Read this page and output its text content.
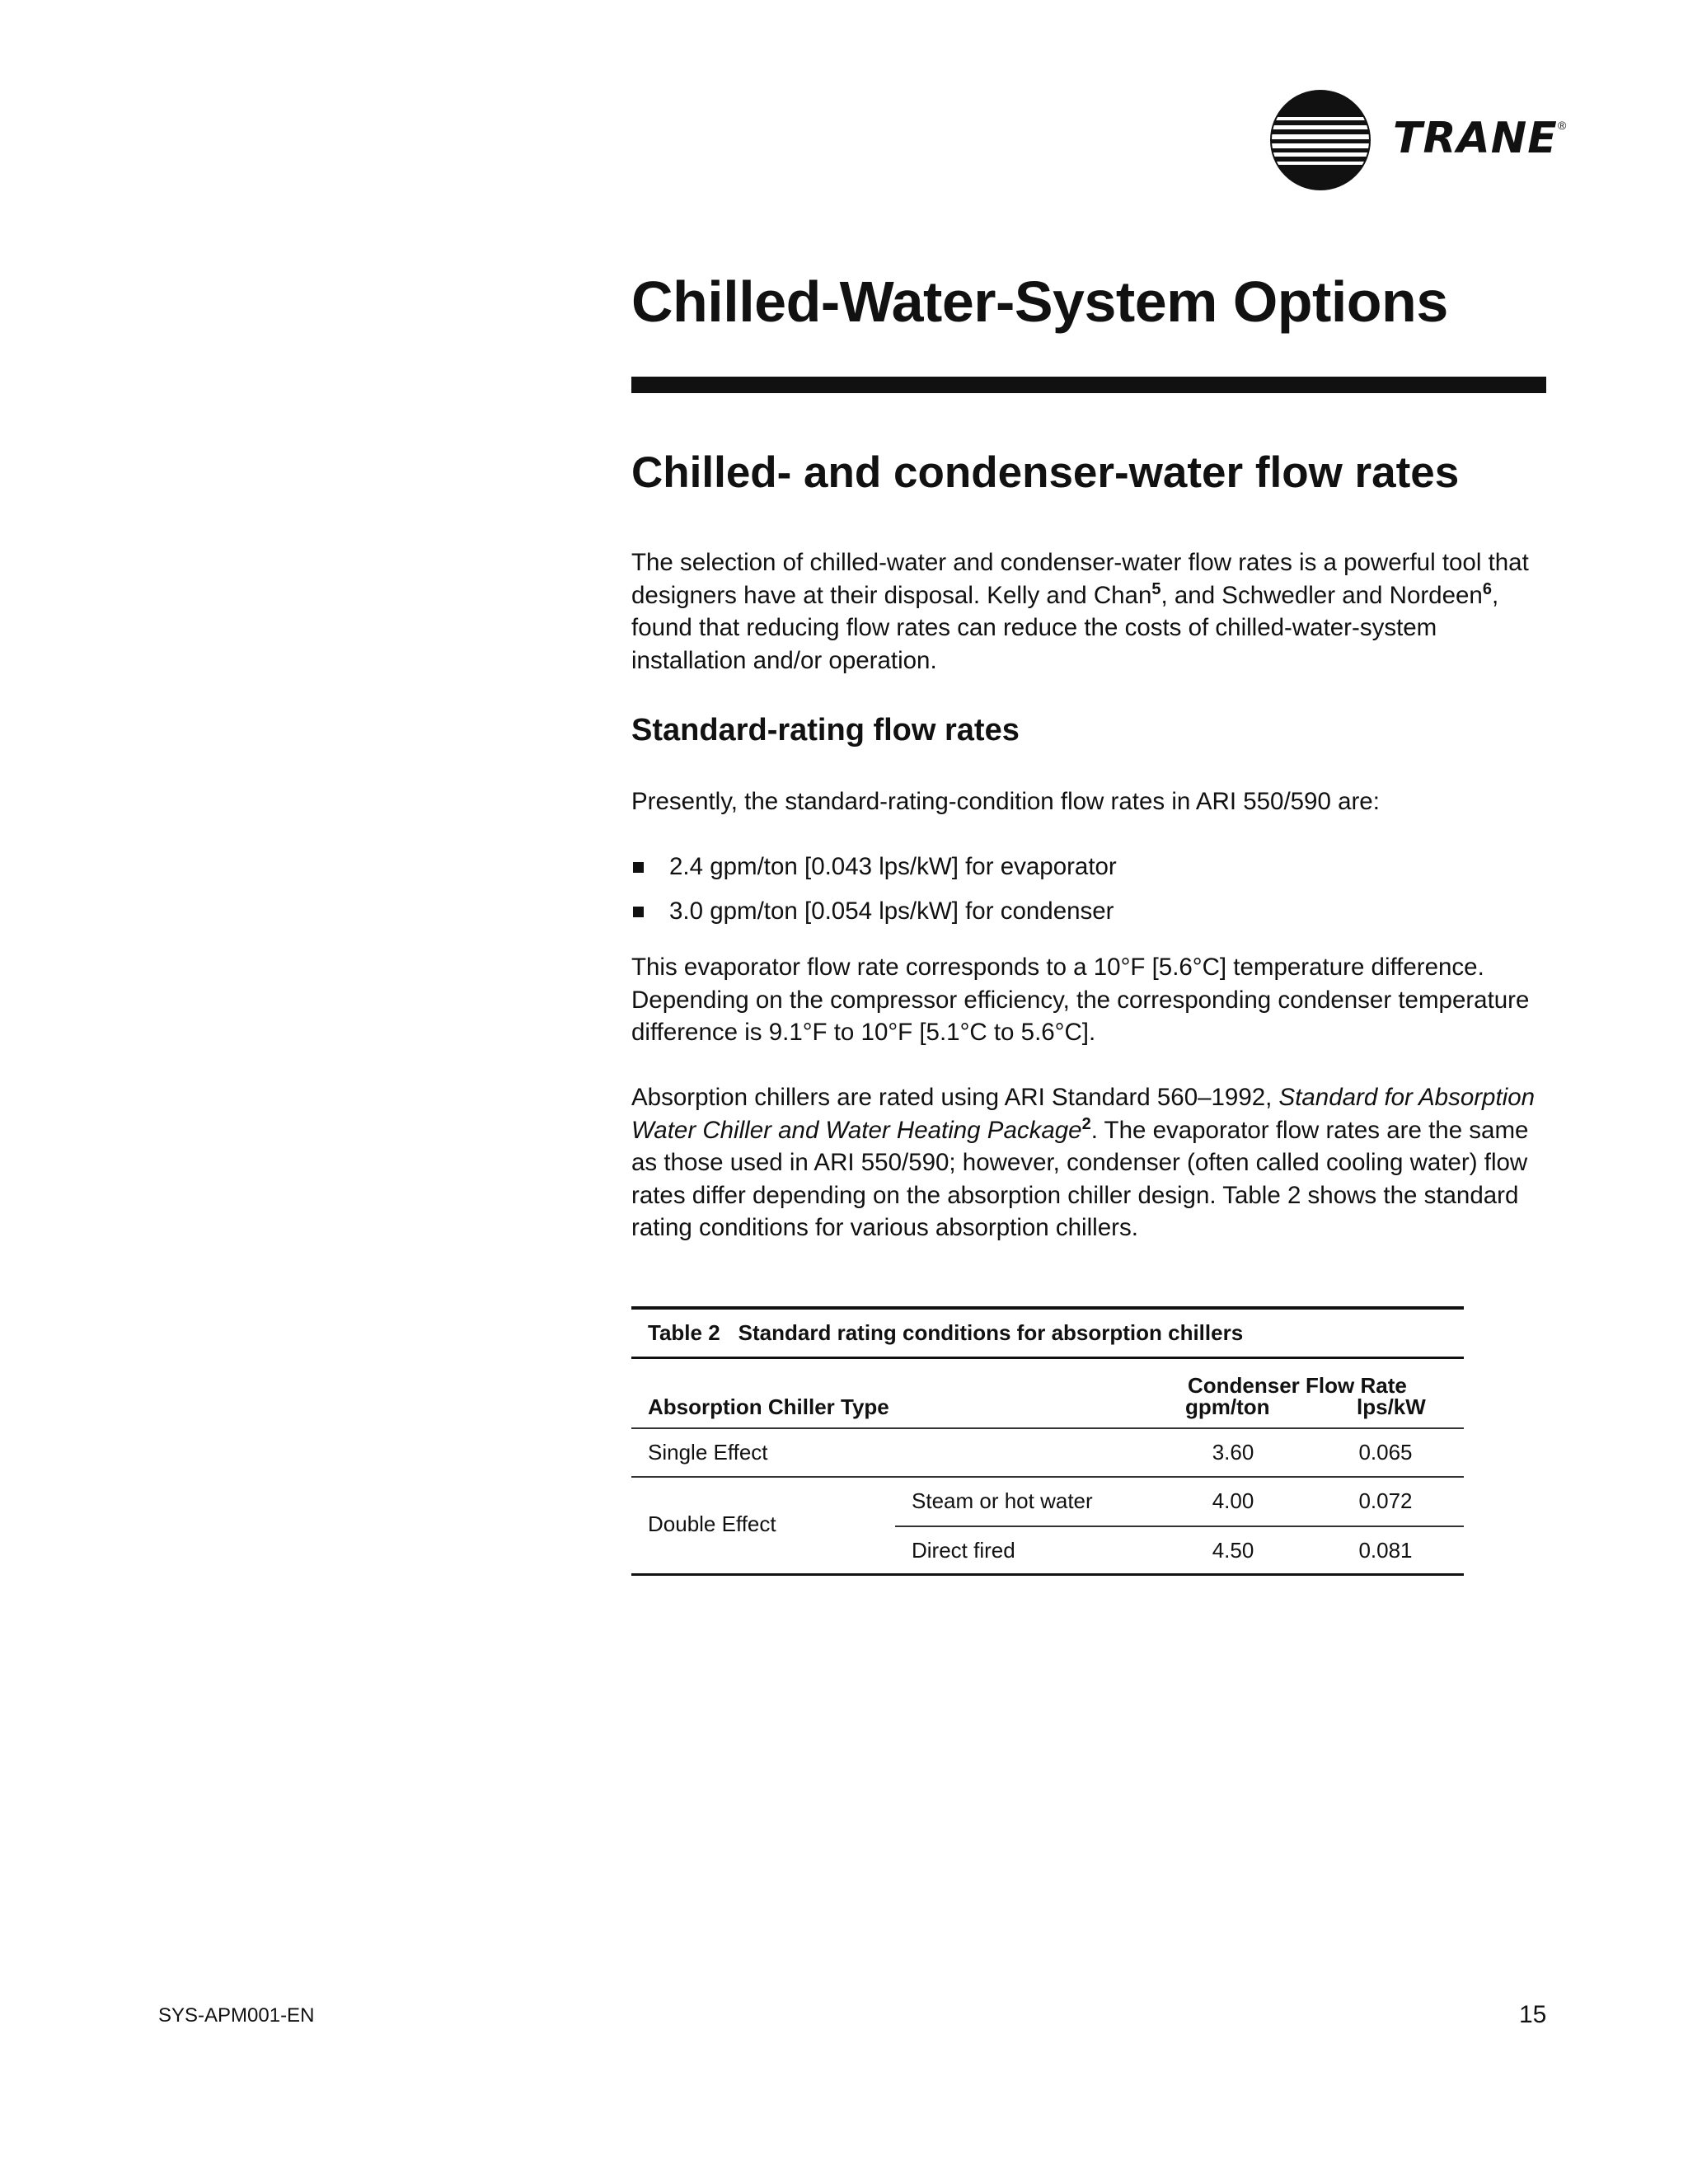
TRANE ®
Chilled-Water-System Options
Chilled- and condenser-water flow rates

The selection of chilled-water and condenser-water flow rates is a powerful tool that designers have at their disposal. Kelly and Chan$^5$, and Schwedler and Nordeen$^6$, found that reducing flow rates can reduce the costs of chilled-water-system installation and/or operation.

Standard-rating flow rates

Presently, the standard-rating-condition flow rates in ARI 550/590 are:

2.4 gpm/ton [0.043 lps/kW] for evaporator
3.0 gpm/ton [0.054 lps/kW] for condenser

This evaporator flow rate corresponds to a 10°F [5.6°C] temperature difference. Depending on the compressor efficiency, the corresponding condenser temperature difference is 9.1°F to 10°F [5.1°C to 5.6°C].

Absorption chillers are rated using ARI Standard 560–1992, Standard for Absorption Water Chiller and Water Heating Package$^2$. The evaporator flow rates are the same as those used in ARI 550/590; however, condenser (often called cooling water) flow rates differ depending on the absorption chiller design. Table 2 shows the standard rating conditions for various absorption chillers.

Table 2 Standard rating conditions for absorption chillers
Condenser Flow Rate
Absorption Chiller Type	gpm/ton	lps/kW
Single Effect	3.60	0.065
Double Effect
Steam or hot water	4.00	0.072
Direct fired	4.50	0.081
SYS-APM001-EN	15
